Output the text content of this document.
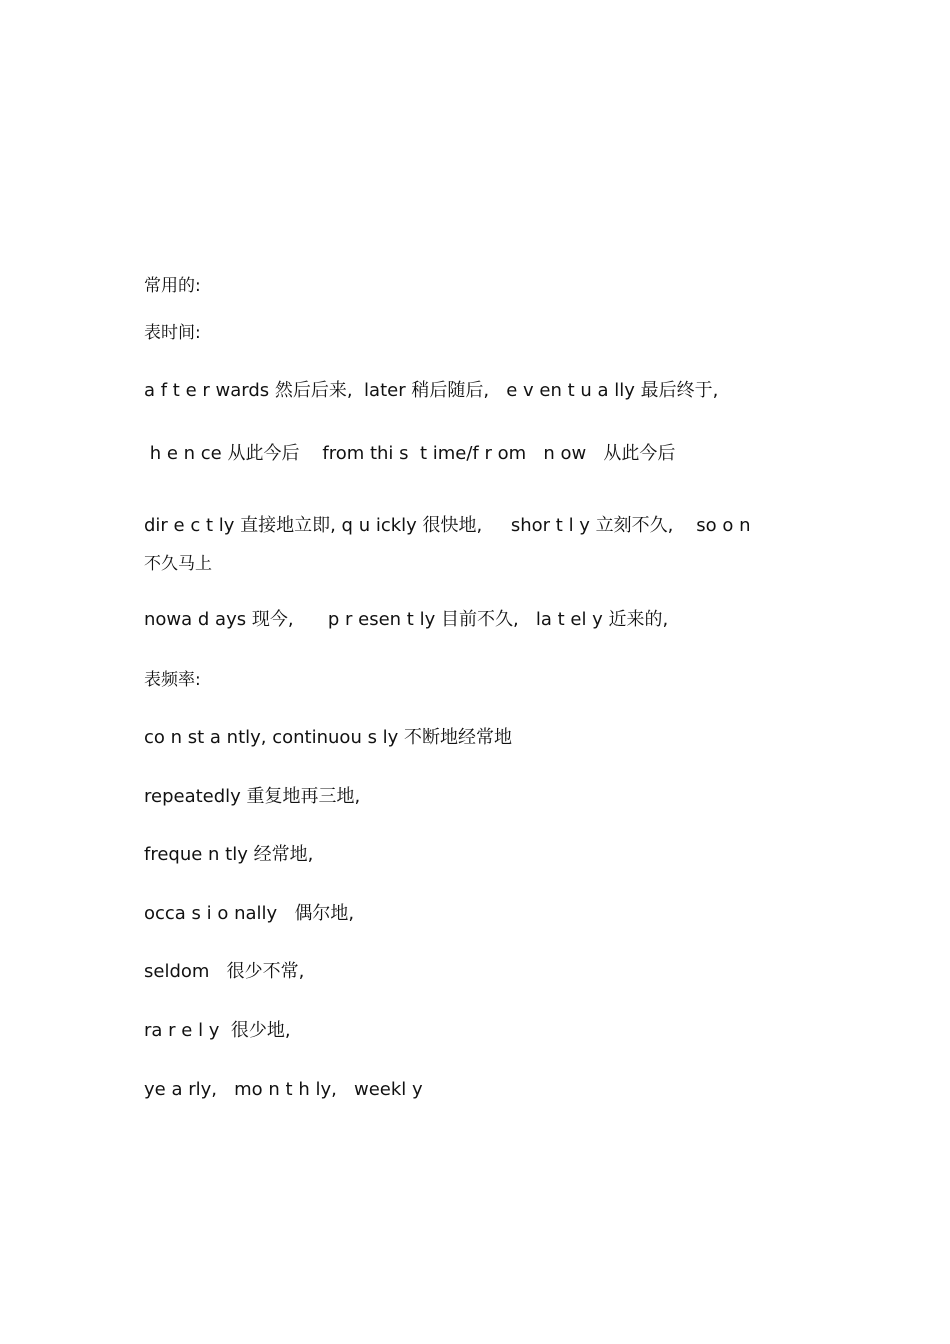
常用的:
表时间:
a f t e r wards 然后后来,  later 稍后随后,   e v en t u a lly 最后终于,
h e n ce 从此今后    from thi s  t ime/f r om   n ow   从此今后
dir e c t ly 直接地立即, q u ickly 很快地,     shor t l y 立刻不久,    so o n
不久马上
nowa d ays 现今,      p r esen t ly 目前不久,   la t el y 近来的,
表频率:
co n st a ntly, continuou s ly 不断地经常地
repeatedly 重复地再三地,
freque n tly 经常地,
occa s i o nally   偶尔地,
seldom   很少不常,
ra r e l y  很少地,
ye a rly,   mo n t h ly,   weekl y
